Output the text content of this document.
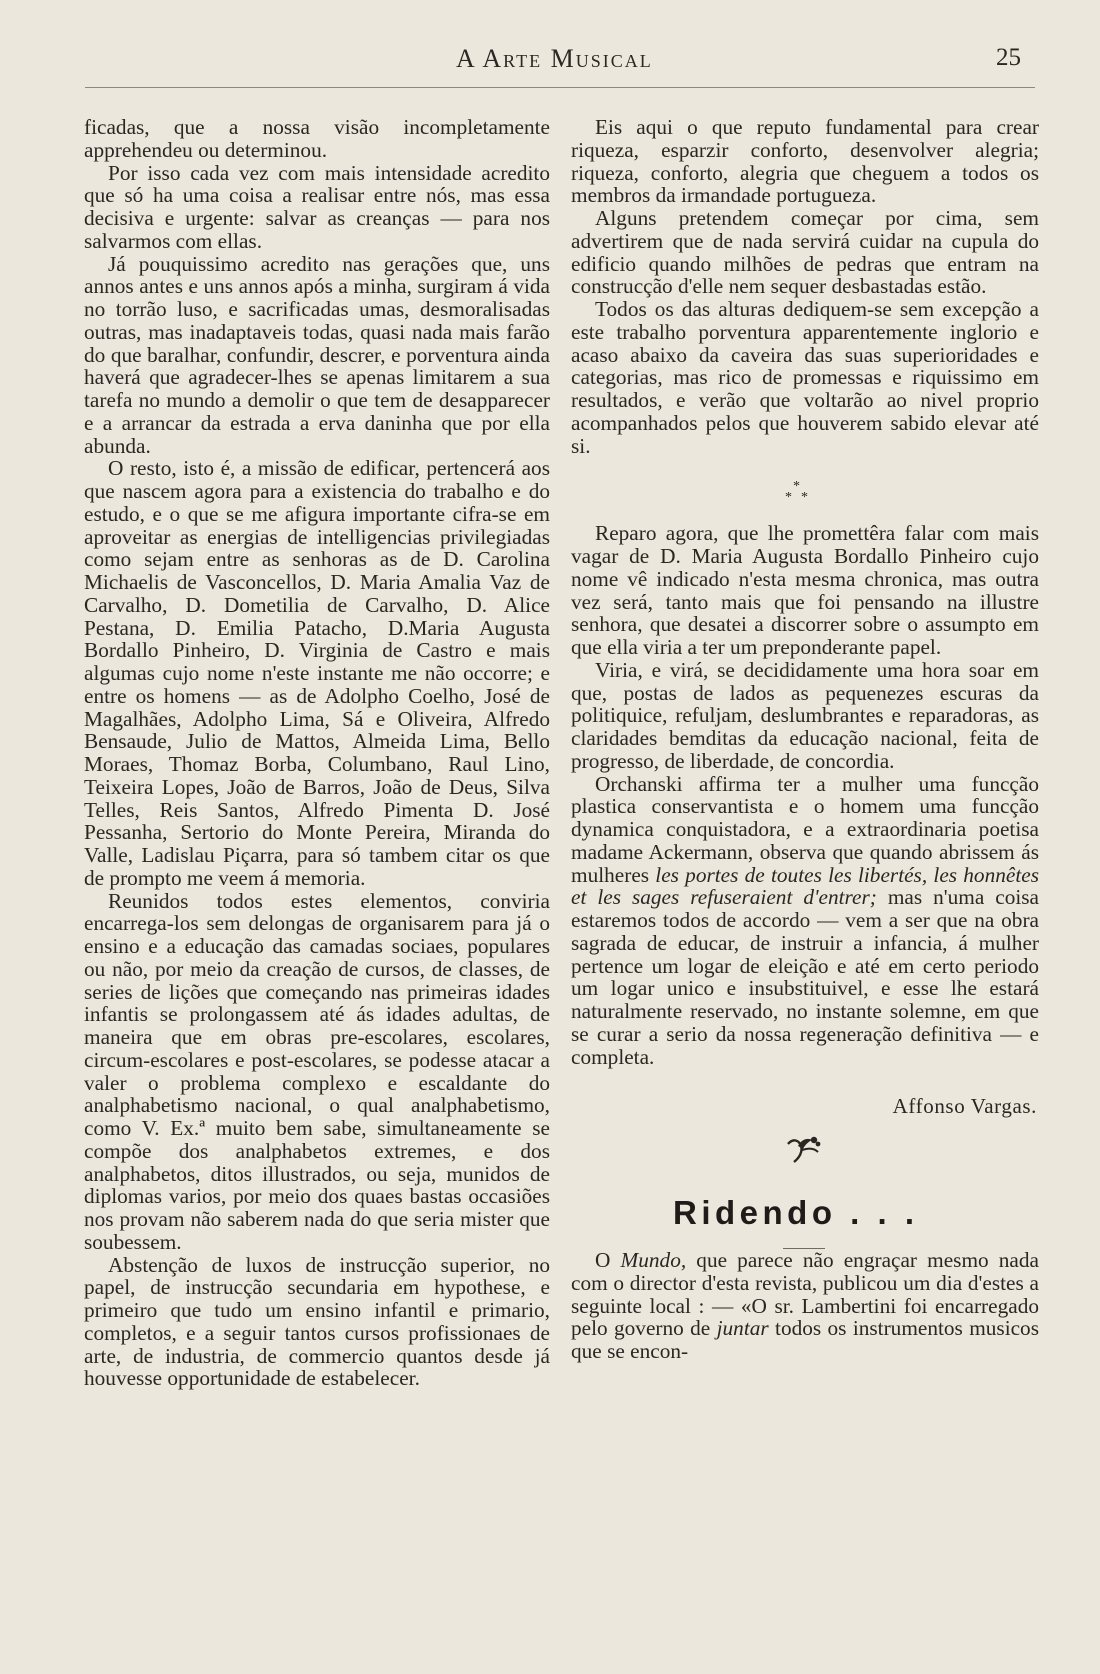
A Arte Musical	25

ficadas, que a nossa visão incompletamente apprehendeu ou determinou.

Por isso cada vez com mais intensidade acredito que só ha uma coisa a realisar entre nós, mas essa decisiva e urgente: salvar as creanças — para nos salvarmos com ellas.

Já pouquissimo acredito nas gerações que, uns annos antes e uns annos após a minha, surgiram á vida no torrão luso, e sacrificadas umas, desmoralisadas outras, mas inadaptaveis todas, quasi nada mais farão do que baralhar, confundir, descrer, e porventura ainda haverá que agradecer-lhes se apenas limitarem a sua tarefa no mundo a demolir o que tem de desapparecer e a arrancar da estrada a erva daninha que por ella abunda.

O resto, isto é, a missão de edificar, pertencerá aos que nascem agora para a existencia do trabalho e do estudo, e o que se me afigura importante cifra-se em aproveitar as energias de intelligencias privilegiadas como sejam entre as senhoras as de D. Carolina Michaelis de Vasconcellos, D. Maria Amalia Vaz de Carvalho, D. Dometilia de Carvalho, D. Alice Pestana, D. Emilia Patacho, D.Maria Augusta Bordallo Pinheiro, D. Virginia de Castro e mais algumas cujo nome n'este instante me não occorre; e entre os homens — as de Adolpho Coelho, José de Magalhães, Adolpho Lima, Sá e Oliveira, Alfredo Bensaude, Julio de Mattos, Almeida Lima, Bello Moraes, Thomaz Borba, Columbano, Raul Lino, Teixeira Lopes, João de Barros, João de Deus, Silva Telles, Reis Santos, Alfredo Pimenta D. José Pessanha, Sertorio do Monte Pereira, Miranda do Valle, Ladislau Piçarra, para só tambem citar os que de prompto me veem á memoria.

Reunidos todos estes elementos, conviria encarrega-los sem delongas de organisarem para já o ensino e a educação das camadas sociaes, populares ou não, por meio da creação de cursos, de classes, de series de lições que começando nas primeiras idades infantis se prolongassem até ás idades adultas, de maneira que em obras pre-escolares, escolares, circum-escolares e post-escolares, se podesse atacar a valer o problema complexo e escaldante do analphabetismo nacional, o qual analphabetismo, como V. Ex.ª muito bem sabe, simultaneamente se compõe dos analphabetos extremes, e dos analphabetos, ditos illustrados, ou seja, munidos de diplomas varios, por meio dos quaes bastas occasiões nos provam não saberem nada do que seria mister que soubessem.

Abstenção de luxos de instrucção superior, no papel, de instrucção secundaria em hypothese, e primeiro que tudo um ensino infantil e primario, completos, e a seguir tantos cursos profissionaes de arte, de industria, de commercio quantos desde já houvesse opportunidade de estabelecer.

Eis aqui o que reputo fundamental para crear riqueza, esparzir conforto, desenvolver alegria; riqueza, conforto, alegria que cheguem a todos os membros da irmandade portugueza.

Alguns pretendem começar por cima, sem advertirem que de nada servirá cuidar na cupula do edificio quando milhões de pedras que entram na construcção d'elle nem sequer desbastadas estão.

Todos os das alturas dediquem-se sem excepção a este trabalho porventura apparentemente inglorio e acaso abaixo da caveira das suas superioridades e categorias, mas rico de promessas e riquissimo em resultados, e verão que voltarão ao nivel proprio acompanhados pelos que houverem sabido elevar até si.

*
* *

Reparo agora, que lhe promettêra falar com mais vagar de D. Maria Augusta Bordallo Pinheiro cujo nome vê indicado n'esta mesma chronica, mas outra vez será, tanto mais que foi pensando na illustre senhora, que desatei a discorrer sobre o assumpto em que ella viria a ter um preponderante papel.

Viria, e virá, se decididamente uma hora soar em que, postas de lados as pequenezes escuras da politiquice, refuljam, deslumbrantes e reparadoras, as claridades bemditas da educação nacional, feita de progresso, de liberdade, de concordia.

Orchanski affirma ter a mulher uma funcção plastica conservantista e o homem uma funcção dynamica conquistadora, e a extraordinaria poetisa madame Ackermann, observa que quando abrissem ás mulheres les portes de toutes les libertés, les honnêtes et les sages refuseraient d'entrer; mas n'uma coisa estaremos todos de accordo — vem a ser que na obra sagrada de educar, de instruir a infancia, á mulher pertence um logar de eleição e até em certo periodo um logar unico e insubstituivel, e esse lhe estará naturalmente reservado, no instante solemne, em que se curar a serio da nossa regeneração definitiva — e completa.

Affonso Vargas.
Ridendo . . .

O Mundo, que parece não engraçar mesmo nada com o director d'esta revista, publicou um dia d'estes a seguinte local : — «O sr. Lambertini foi encarregado pelo governo de juntar todos os instrumentos musicos que se encon-
